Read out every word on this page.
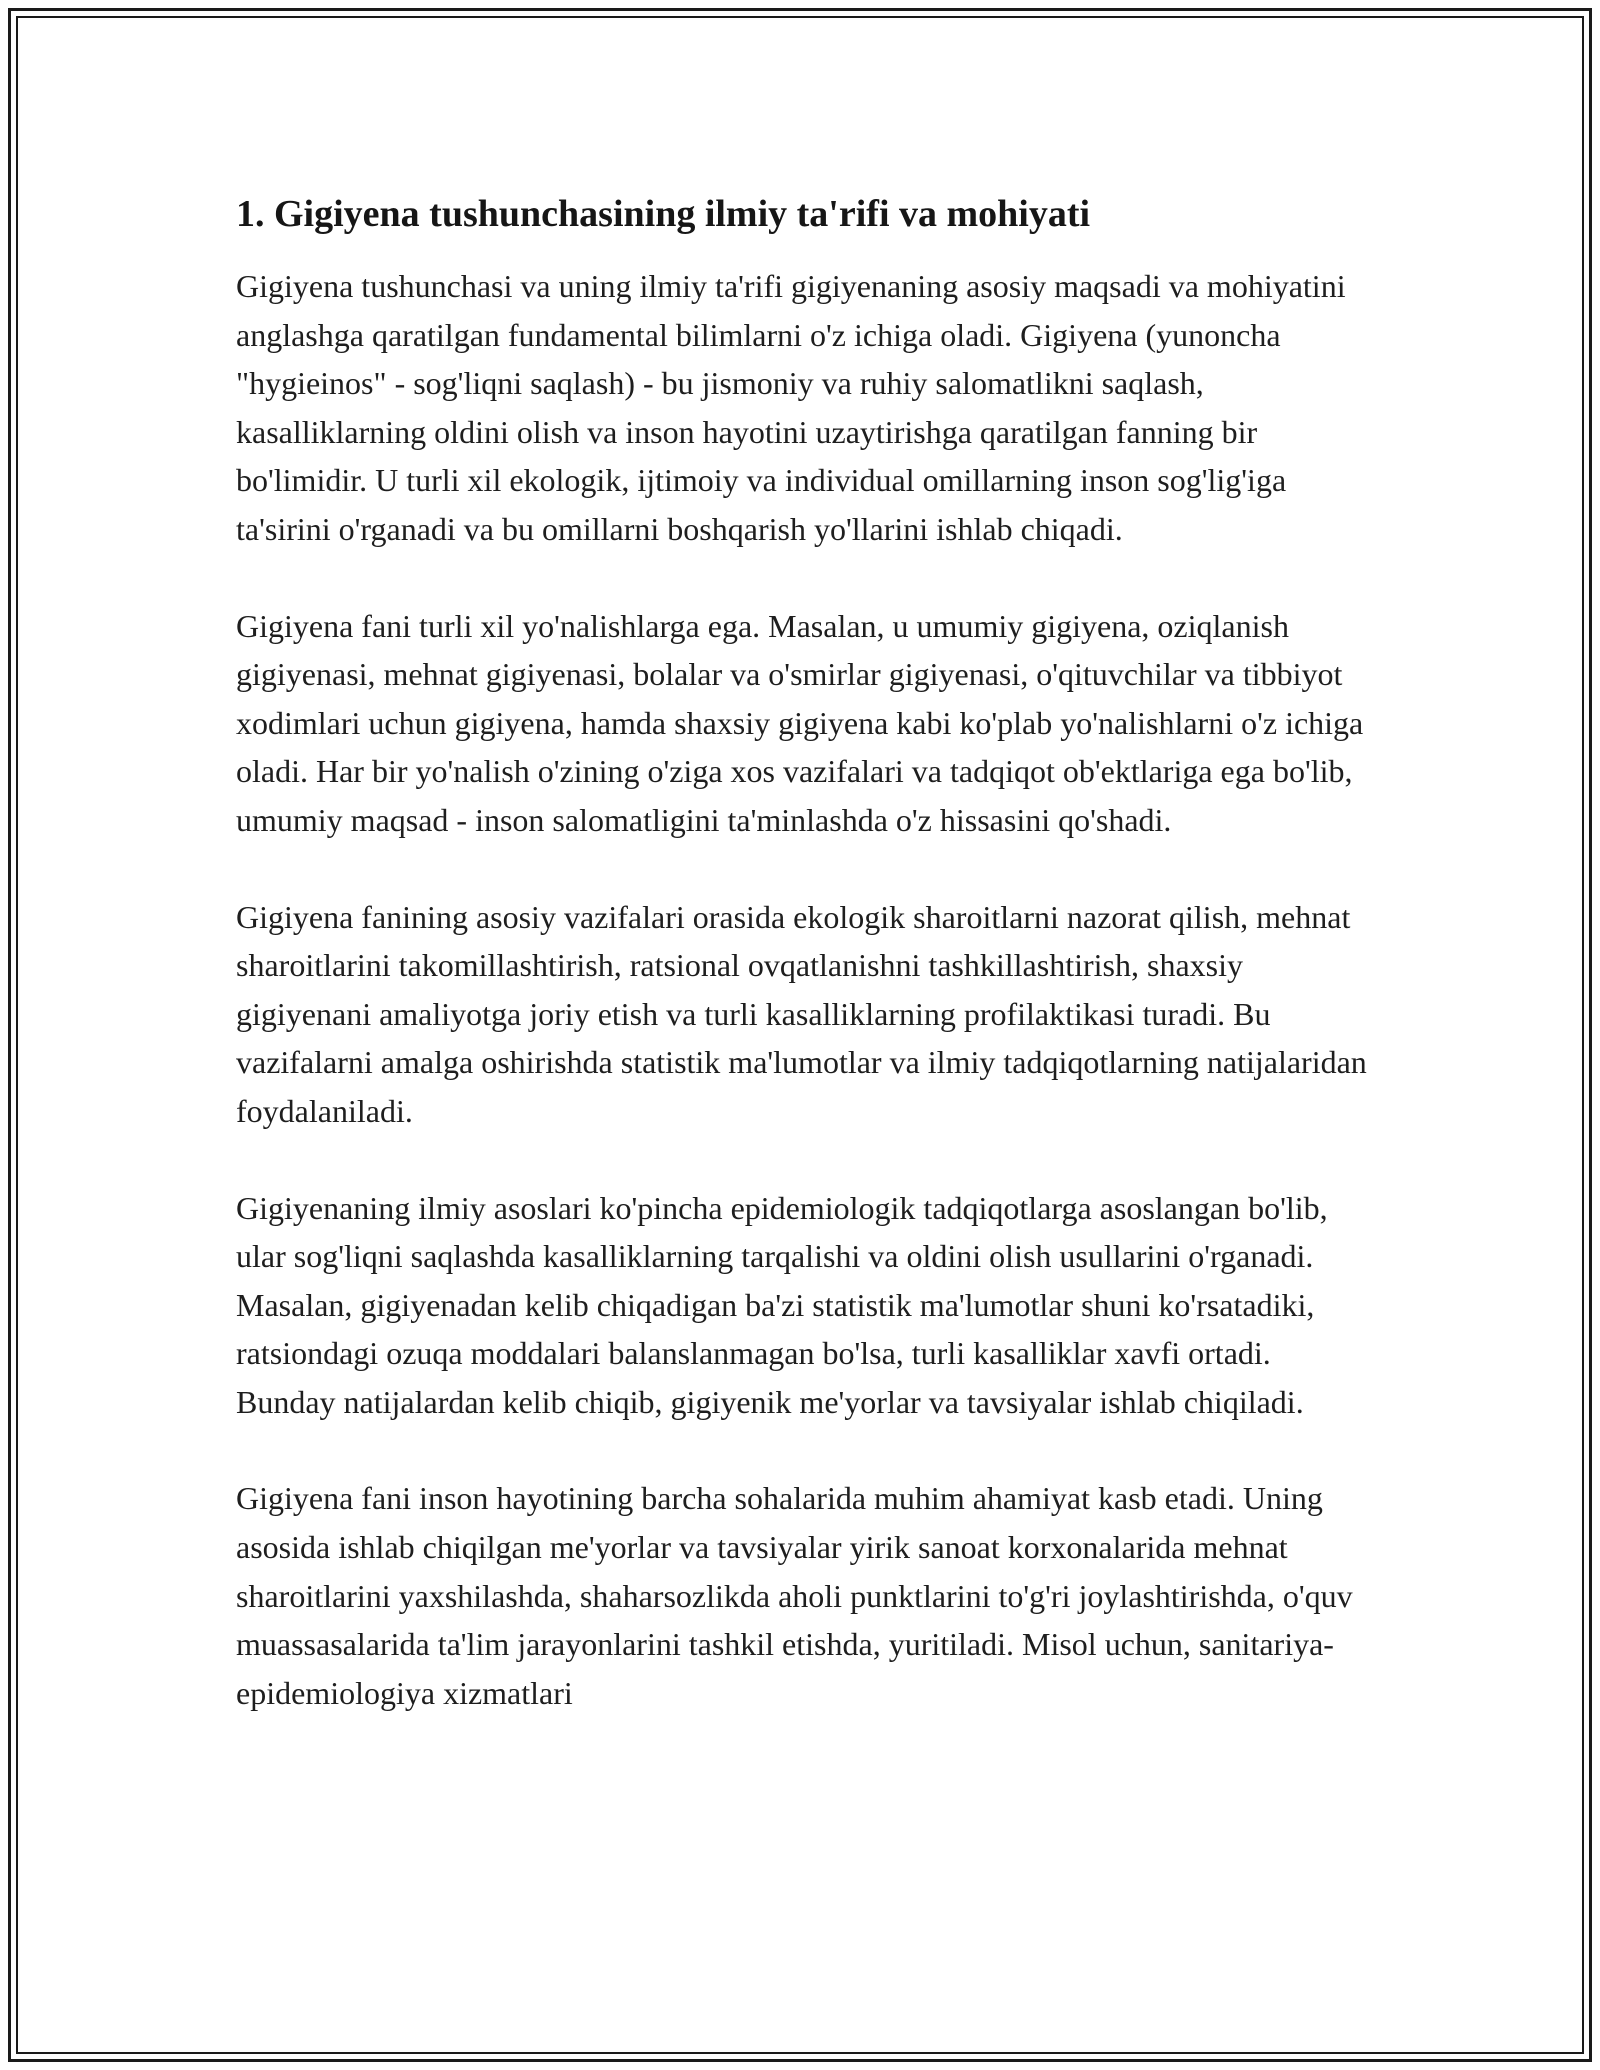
1. Gigiyena tushunchasining ilmiy ta'rifi va mohiyati

Gigiyena tushunchasi va uning ilmiy ta'rifi gigiyenaning asosiy maqsadi va mohiyatini anglashga qaratilgan fundamental bilimlarni o'z ichiga oladi. Gigiyena (yunoncha "hygieinos" - sog'liqni saqlash) - bu jismoniy va ruhiy salomatlikni saqlash, kasalliklarning oldini olish va inson hayotini uzaytirishga qaratilgan fanning bir bo'limidir. U turli xil ekologik, ijtimoiy va individual omillarning inson sog'lig'iga ta'sirini o'rganadi va bu omillarni boshqarish yo'llarini ishlab chiqadi.

Gigiyena fani turli xil yo'nalishlarga ega. Masalan, u umumiy gigiyena, oziqlanish gigiyenasi, mehnat gigiyenasi, bolalar va o'smirlar gigiyenasi, o'qituvchilar va tibbiyot xodimlari uchun gigiyena, hamda shaxsiy gigiyena kabi ko'plab yo'nalishlarni o'z ichiga oladi. Har bir yo'nalish o'zining o'ziga xos vazifalari va tadqiqot ob'ektlariga ega bo'lib, umumiy maqsad - inson salomatligini ta'minlashda o'z hissasini qo'shadi.

Gigiyena fanining asosiy vazifalari orasida ekologik sharoitlarni nazorat qilish, mehnat sharoitlarini takomillashtirish, ratsional ovqatlanishni tashkillashtirish, shaxsiy gigiyenani amaliyotga joriy etish va turli kasalliklarning profilaktikasi turadi. Bu vazifalarni amalga oshirishda statistik ma'lumotlar va ilmiy tadqiqotlarning natijalaridan foydalaniladi.

Gigiyenaning ilmiy asoslari ko'pincha epidemiologik tadqiqotlarga asoslangan bo'lib, ular sog'liqni saqlashda kasalliklarning tarqalishi va oldini olish usullarini o'rganadi. Masalan, gigiyenadan kelib chiqadigan ba'zi statistik ma'lumotlar shuni ko'rsatadiki, ratsiondagi ozuqa moddalari balanslanmagan bo'lsa, turli kasalliklar xavfi ortadi. Bunday natijalardan kelib chiqib, gigiyenik me'yorlar va tavsiyalar ishlab chiqiladi.

Gigiyena fani inson hayotining barcha sohalarida muhim ahamiyat kasb etadi. Uning asosida ishlab chiqilgan me'yorlar va tavsiyalar yirik sanoat korxonalarida mehnat sharoitlarini yaxshilashda, shaharsozlikda aholi punktlarini to'g'ri joylashtirishda, o'quv muassasalarida ta'lim jarayonlarini tashkil etishda, yuritiladi. Misol uchun, sanitariya-epidemiologiya xizmatlari
